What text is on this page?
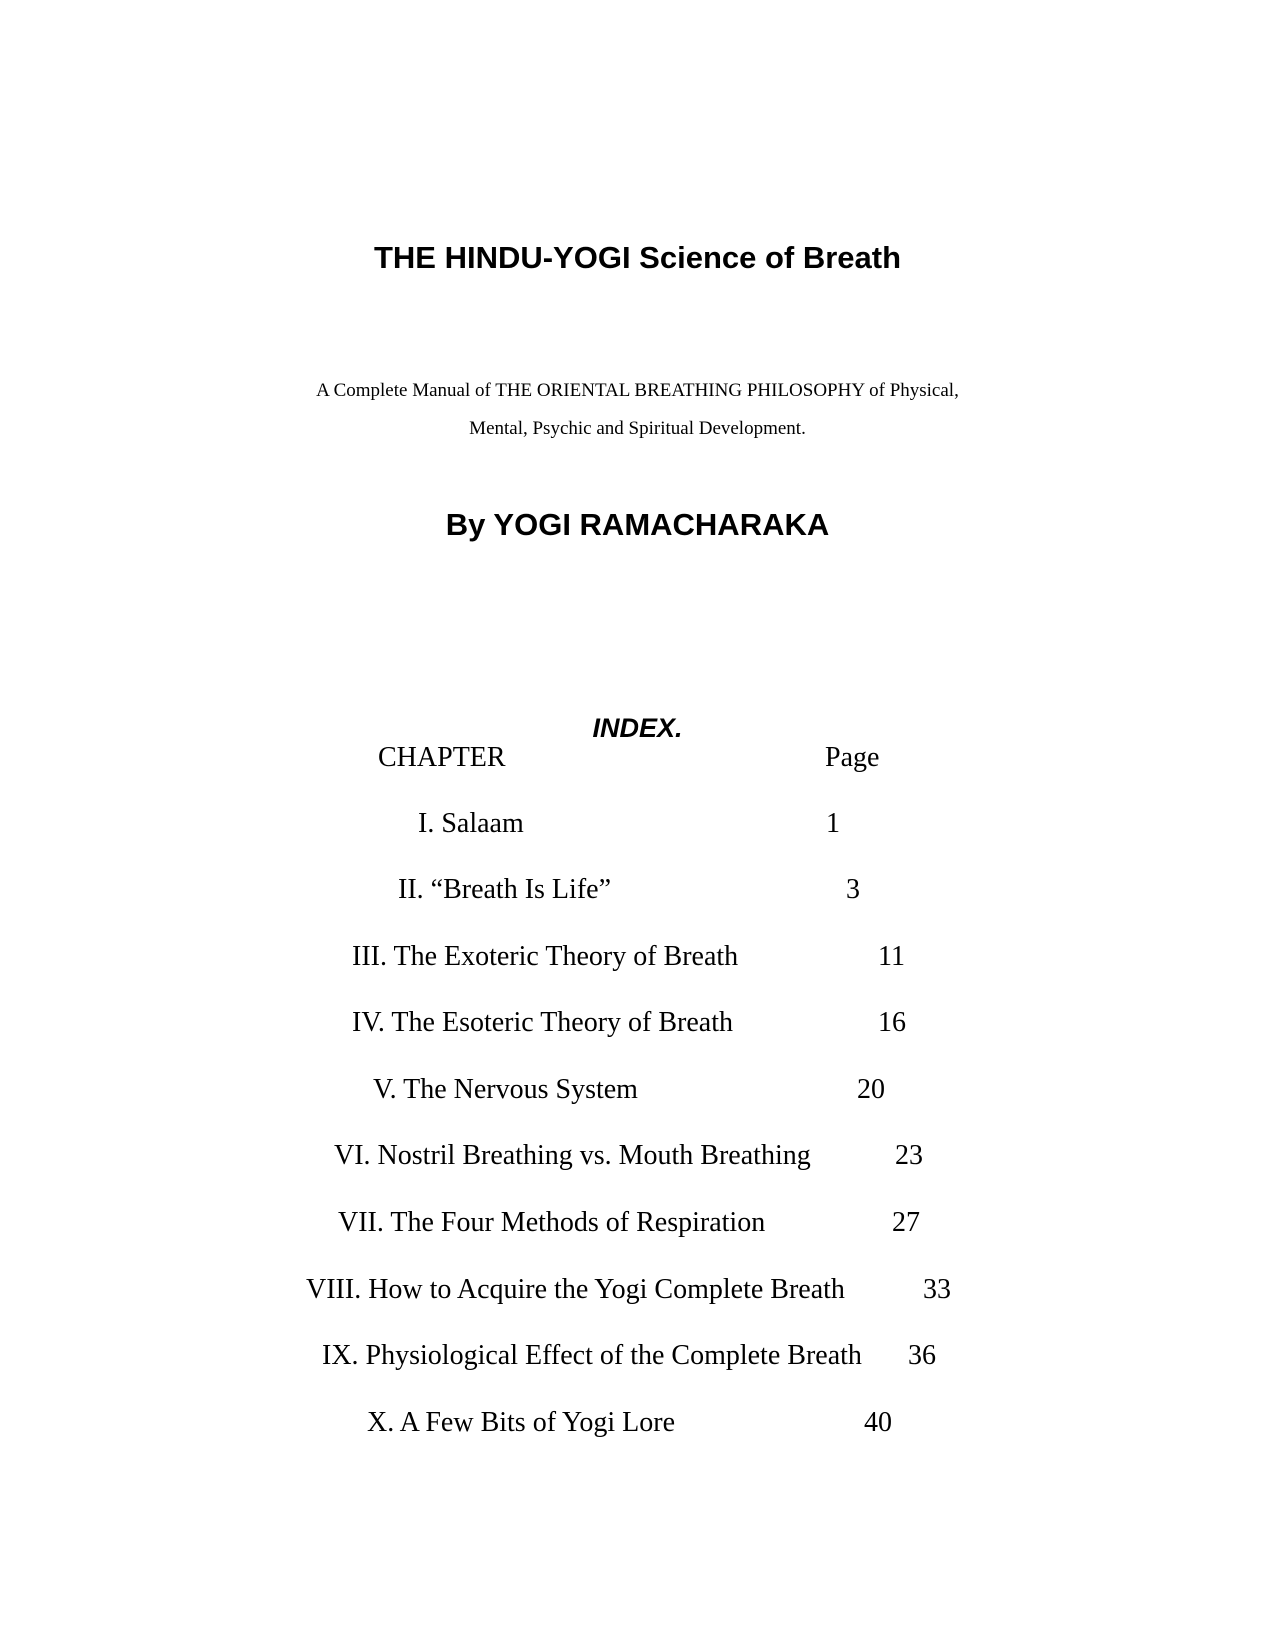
THE HINDU-YOGI Science of Breath
A Complete Manual of THE ORIENTAL BREATHING PHILOSOPHY of Physical,
Mental, Psychic and Spiritual Development.
By YOGI RAMACHARAKA
INDEX.
CHAPTER	Page
I. Salaam	1
II. “Breath Is Life”	3
III. The Exoteric Theory of Breath	11
IV. The Esoteric Theory of Breath	16
V. The Nervous System	20
VI. Nostril Breathing vs. Mouth Breathing	23
VII. The Four Methods of Respiration	27
VIII. How to Acquire the Yogi Complete Breath	33
IX. Physiological Effect of the Complete Breath 36
X. A Few Bits of Yogi Lore	40
